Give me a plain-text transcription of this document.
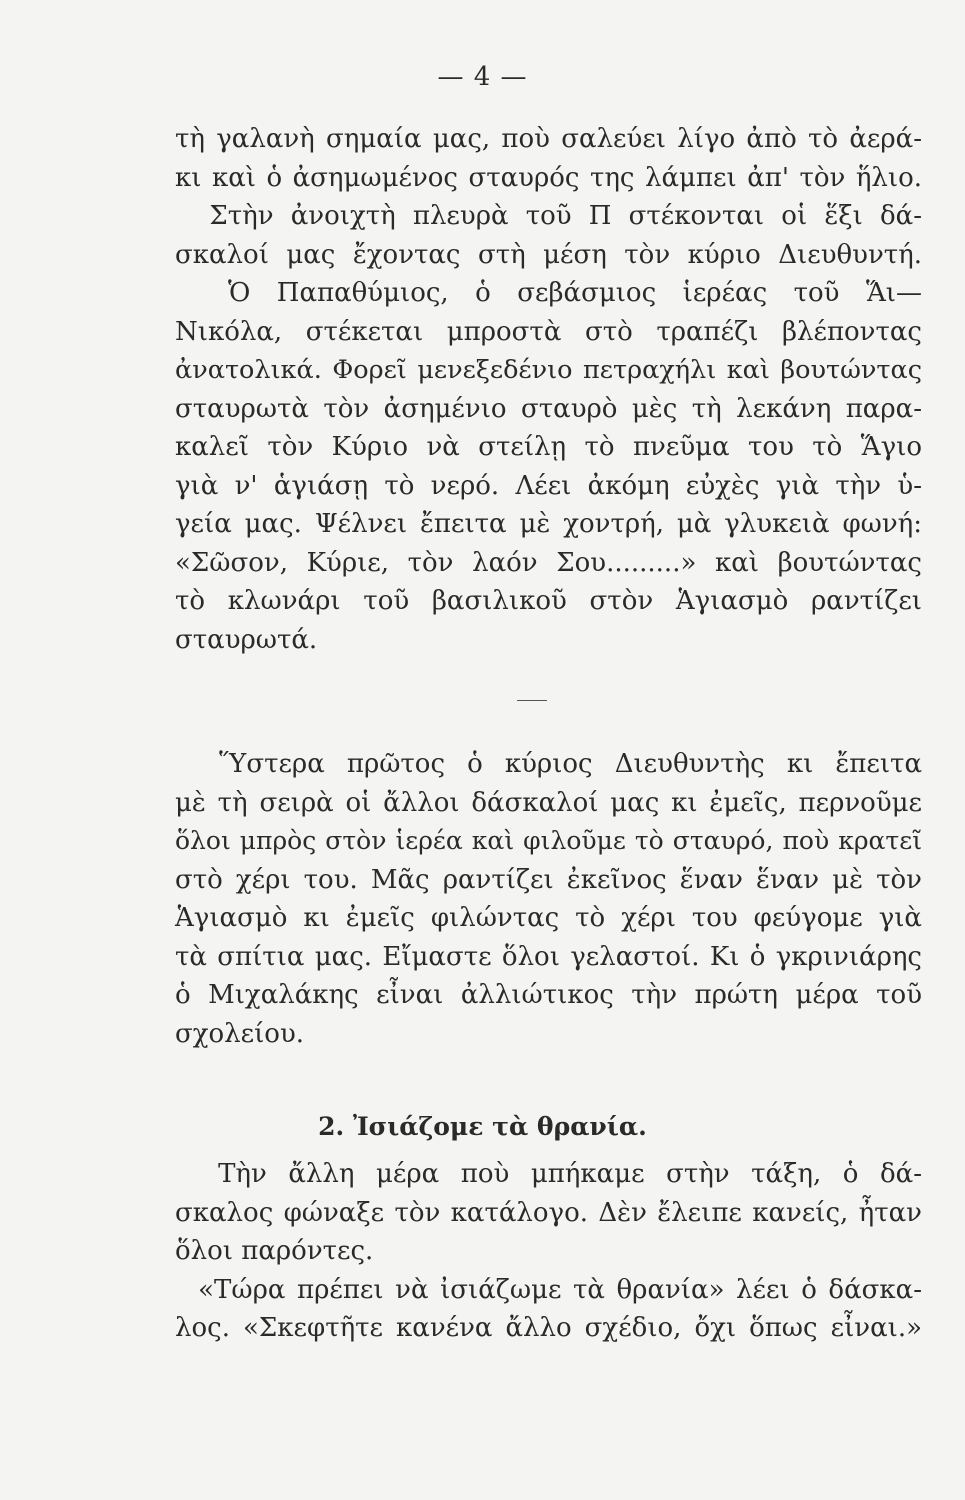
— 4 —
τὴ γαλανὴ σημαία μας, ποὺ σαλεύει λίγο ἀπὸ τὸ ἀερά-
κι καὶ ὁ ἀσημωμένος σταυρός της λάμπει ἀπ' τὸν ἥλιο.
Στὴν ἀνοιχτὴ πλευρὰ τοῦ Π στέκονται οἱ ἕξι δά-
σκαλοί μας ἔχοντας στὴ μέση τὸν κύριο Διευθυντή.
Ὁ Παπαθύμιος, ὁ σεβάσμιος ἱερέας τοῦ Ἅι—
Νικόλα, στέκεται μπροστὰ στὸ τραπέζι βλέποντας
ἀνατολικά. Φορεῖ μενεξεδένιο πετραχήλι καὶ βουτώντας
σταυρωτὰ τὸν ἀσημένιο σταυρὸ μὲς τὴ λεκάνη παρα-
καλεῖ τὸν Κύριο νὰ στείλῃ τὸ πνεῦμα του τὸ Ἅγιο
γιὰ ν' ἁγιάσῃ τὸ νερό. Λέει ἀκόμη εὐχὲς γιὰ τὴν ὑ-
γεία μας. Ψέλνει ἔπειτα μὲ χοντρή, μὰ γλυκειὰ φωνή:
«Σῶσον, Κύριε, τὸν λαόν Σου.........» καὶ βουτώντας
τὸ κλωνάρι τοῦ βασιλικοῦ στὸν Ἁγιασμὸ ραντίζει
σταυρωτά.
Ὕστερα πρῶτος ὁ κύριος Διευθυντὴς κι ἔπειτα
μὲ τὴ σειρὰ οἱ ἄλλοι δάσκαλοί μας κι ἐμεῖς, περνοῦμε
ὅλοι μπρὸς στὸν ἱερέα καὶ φιλοῦμε τὸ σταυρό, ποὺ κρατεῖ
στὸ χέρι του. Μᾶς ραντίζει ἐκεῖνος ἕναν ἕναν μὲ τὸν
Ἁγιασμὸ κι ἐμεῖς φιλώντας τὸ χέρι του φεύγομε γιὰ
τὰ σπίτια μας. Εἴμαστε ὅλοι γελαστοί. Κι ὁ γκρινιάρης
ὁ Μιχαλάκης εἶναι ἀλλιώτικος τὴν πρώτη μέρα τοῦ
σχολείου.
2. Ἰσιάζομε τὰ θρανία.
Τὴν ἄλλη μέρα ποὺ μπήκαμε στὴν τάξη, ὁ δά-
σκαλος φώναξε τὸν κατάλογο. Δὲν ἔλειπε κανείς, ἦταν
ὅλοι παρόντες.
«Τώρα πρέπει νὰ ἰσιάζωμε τὰ θρανία» λέει ὁ δάσκα-
λος. «Σκεφτῆτε κανένα ἄλλο σχέδιο, ὄχι ὅπως εἶναι.»
